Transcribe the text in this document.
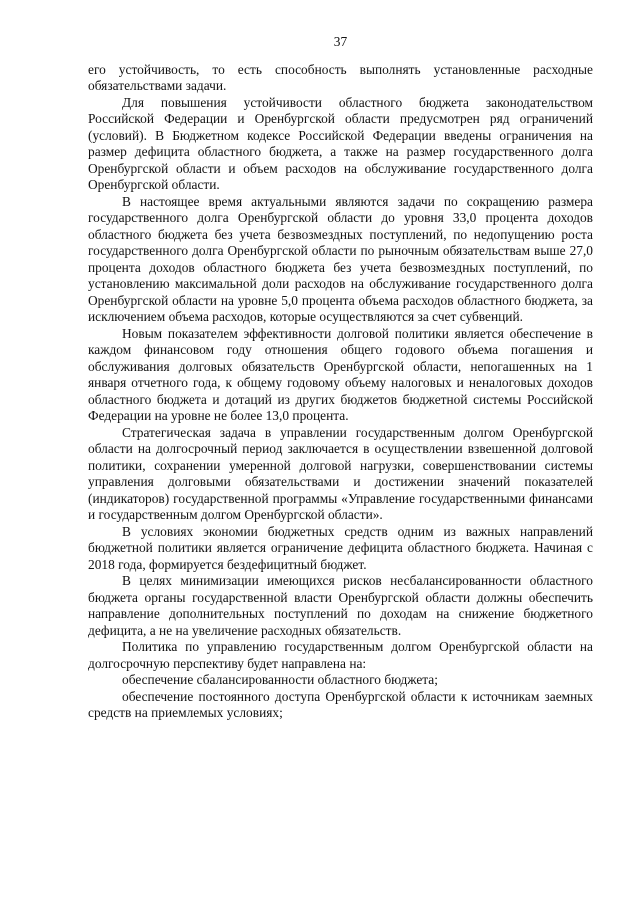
37

его устойчивость, то есть способность выполнять установленные расходные обязательствами задачи.

Для повышения устойчивости областного бюджета законодательством Российской Федерации и Оренбургской области предусмотрен ряд ограничений (условий). В Бюджетном кодексе Российской Федерации введены ограничения на размер дефицита областного бюджета, а также на размер государственного долга Оренбургской области и объем расходов на обслуживание государственного долга Оренбургской области.

В настоящее время актуальными являются задачи по сокращению размера государственного долга Оренбургской области до уровня 33,0 процента доходов областного бюджета без учета безвозмездных поступлений, по недопущению роста государственного долга Оренбургской области по рыночным обязательствам выше 27,0 процента доходов областного бюджета без учета безвозмездных поступлений, по установлению максимальной доли расходов на обслуживание государственного долга Оренбургской области на уровне 5,0 процента объема расходов областного бюджета, за исключением объема расходов, которые осуществляются за счет субвенций.

Новым показателем эффективности долговой политики является обеспечение в каждом финансовом году отношения общего годового объема погашения и обслуживания долговых обязательств Оренбургской области, непогашенных на 1 января отчетного года, к общему годовому объему налоговых и неналоговых доходов областного бюджета и дотаций из других бюджетов бюджетной системы Российской Федерации на уровне не более 13,0 процента.

Стратегическая задача в управлении государственным долгом Оренбургской области на долгосрочный период заключается в осуществлении взвешенной долговой политики, сохранении умеренной долговой нагрузки, совершенствовании системы управления долговыми обязательствами и достижении значений показателей (индикаторов) государственной программы «Управление государственными финансами и государственным долгом Оренбургской области».

В условиях экономии бюджетных средств одним из важных направлений бюджетной политики является ограничение дефицита областного бюджета. Начиная с 2018 года, формируется бездефицитный бюджет.

В целях минимизации имеющихся рисков несбалансированности областного бюджета органы государственной власти Оренбургской области должны обеспечить направление дополнительных поступлений по доходам на снижение бюджетного дефицита, а не на увеличение расходных обязательств.

Политика по управлению государственным долгом Оренбургской области на долгосрочную перспективу будет направлена на:

обеспечение сбалансированности областного бюджета;

обеспечение постоянного доступа Оренбургской области к источникам заемных средств на приемлемых условиях;
